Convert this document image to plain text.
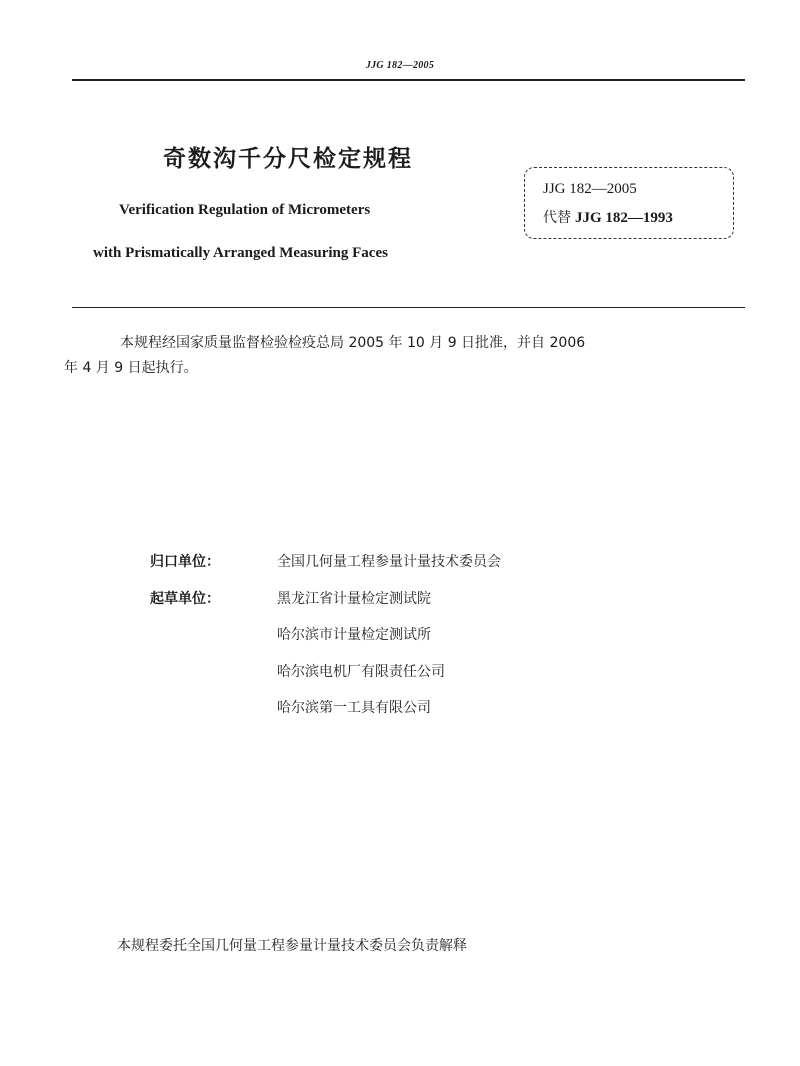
JJG 182—2005
奇数沟千分尺检定规程
Verification Regulation of Micrometers
with Prismatically Arranged Measuring Faces
JJG 182—2005
代替 JJG 182—1993
本规程经国家质量监督检验检疫总局 2005 年 10 月 9 日批准，并自 2006
年 4 月 9 日起执行。
归口单位：	全国几何量工程参量计量技术委员会
起草单位：	黑龙江省计量检定测试院
哈尔滨市计量检定测试所
哈尔滨电机厂有限责任公司
哈尔滨第一工具有限公司
本规程委托全国几何量工程参量计量技术委员会负责解释
